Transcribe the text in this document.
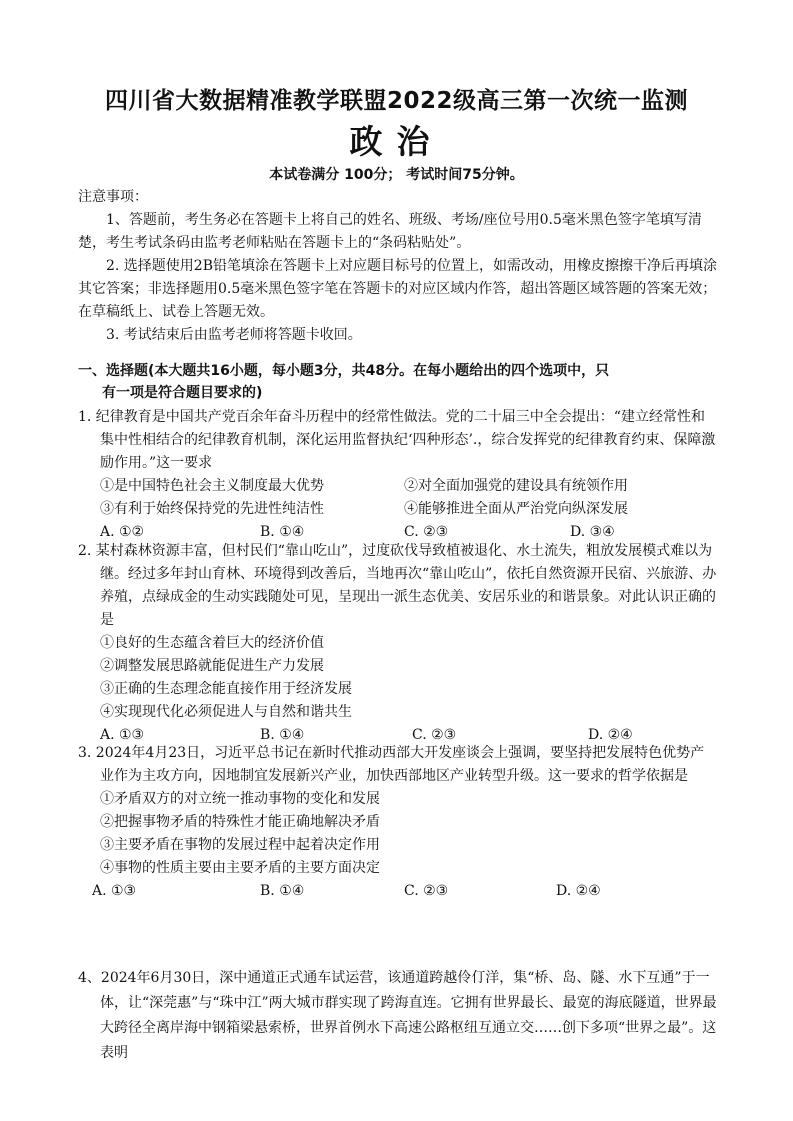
四川省大数据精准教学联盟2022级高三第一次统一监测
政治
本试卷满分 100分； 考试时间75分钟。

注意事项：

1、答题前，考生务必在答题卡上将自己的姓名、班级、考场/座位号用0.5毫米黑色签字笔填写清楚，考生考试条码由监考老师粘贴在答题卡上的“条码粘贴处”。

2. 选择题使用2B铅笔填涂在答题卡上对应题目标号的位置上，如需改动，用橡皮擦擦干净后再填涂其它答案；非选择题用0.5毫米黑色签字笔在答题卡的对应区域内作答，超出答题区域答题的答案无效； 在草稿纸上、试卷上答题无效。

3. 考试结束后由监考老师将答题卡收回。

一、选择题(本大题共16小题，每小题3分，共48分。在每小题给出的四个选项中，只
有一项是符合题目要求的)

1. 纪律教育是中国共产党百余年奋斗历程中的经常性做法。党的二十届三中全会提出：“建立经常性和集中性相结合的纪律教育机制，深化运用监督执纪‘四种形态’.，综合发挥党的纪律教育约束、保障激励作用。”这一要求

①是中国特色社会主义制度最大优势	②对全面加强党的建设具有统领作用
③有利于始终保持党的先进性纯洁性	④能够推进全面从严治党向纵深发展
A. ①②	B. ①④	C. ②③	D. ③④

2. 某村森林资源丰富，但村民们“靠山吃山”，过度砍伐导致植被退化、水土流失，粗放发展模式难以为继。经过多年封山育林、环境得到改善后，当地再次“靠山吃山”，依托自然资源开民宿、兴旅游、办养殖，点绿成金的生动实践随处可见，呈现出一派生态优美、安居乐业的和谐景象。对此认识正确的是

①良好的生态蕴含着巨大的经济价值

②调整发展思路就能促进生产力发展

③正确的生态理念能直接作用于经济发展

④实现现代化必须促进人与自然和谐共生

A. ①③	B. ①④	C. ②③	D. ②④

3. 2024年4月23日，习近平总书记在新时代推动西部大开发座谈会上强调，要坚持把发展特色优势产业作为主攻方向，因地制宜发展新兴产业，加快西部地区产业转型升级。这一要求的哲学依据是

①矛盾双方的对立统一推动事物的变化和发展

②把握事物矛盾的特殊性才能正确地解决矛盾

③主要矛盾在事物的发展过程中起着决定作用

④事物的性质主要由主要矛盾的主要方面决定

A. ①③	B. ①④	C. ②③	D. ②④

4、2024年6月30日，深中通道正式通车试运营，该通道跨越伶仃洋，集“桥、岛、隧、水下互通”于一体，让“深莞惠”与“珠中江”两大城市群实现了跨海直连。它拥有世界最长、最宽的海底隧道，世界最大跨径全离岸海中钢箱梁悬索桥，世界首例水下高速公路枢纽互通立交……创下多项“世界之最”。这表明
